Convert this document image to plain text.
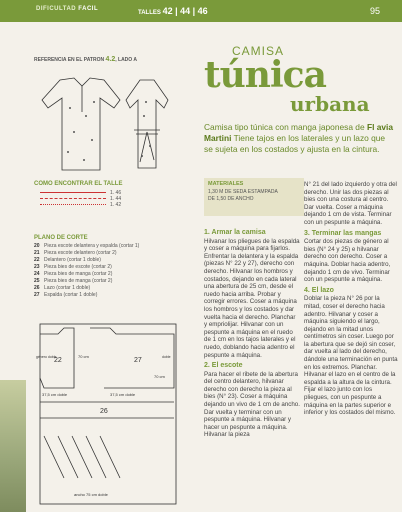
DIFICULTAD FACIL
TALLES 42 | 44 | 46	95
REFERENCIA EN EL PATRON 4.2, LADO A
COMO ENCONTRAR EL TALLE
1. 46
1. 44
1. 42
PLANO DE CORTE
20 Pieza escote delantera y espalda (cortar 1)
21 Pieza escote delantero (cortar 2)
22 Delantero (cortar 1 doble)
23 Pieza bies de escote (cortar 2)
24 Pieza bies de manga (cortar 2)
25 Pieza bies de manga (cortar 2)
26 Lazo (cortar 1 doble)
27 Espalda (cortar 1 doble)
22	27
26
37,5 cm doble	37,5 cm doble
70 cm
70 cm
ancho 75 cm doble
género doble	doble
CAMISA
túnica
urbana
Camisa tipo túnica con manga japonesa de Fl avia Martini Tiene tajos en los laterales y un lazo que se sujeta en los costados y ajusta en la cintura.
MATERIALES
1,30 M DE SEDA ESTAMPADA
DE 1,50 DE ANCHO
1. Armar la camisa

Hilvanar los pliegues de la espalda y coser a máquina para fijarlos. Enfrentar la delantera y la espalda (piezas N° 22 y 27), derecho con derecho. Hilvanar los hombros y costados, dejando en cada lateral una abertura de 25 cm, desde el ruedo hacia arriba. Probar y corregir errores. Coser a máquina los hombros y los costados y dar vuelta hacia el derecho. Planchar y empriolijar. Hilvanar con un pespunte a máquina en el ruedo de 1 cm en los tajos laterales y el ruedo, doblando hacia adentro el pespunte a máquina.

2. El escote

Para hacer el ribete de la abertura del centro delantero, hilvanar derecho con derecho la pieza al bies (N° 23). Coser a máquina dejando un vivo de 1 cm de ancho. Dar vuelta y terminar con un pespunte a máquina. Hilvanar y hacer un pespunte a máquina. Hilvanar la pieza

N° 21 del lado izquierdo y otra del derecho. Unir las dos piezas al bies con una costura al centro. Dar vuelta. Coser a máquina dejando 1 cm de vista. Terminar con un pespunte a máquina.

3. Terminar las mangas

Cortar dos piezas de género al bies (N° 24 y 25) e hilvanar derecho con derecho. Coser a máquina. Doblar hacia adentro, dejando 1 cm de vivo. Terminar con un pespunte a máquina.

4. El lazo

Doblar la pieza N° 26 por la mitad, coser el derecho hacia adentro. Hilvanar y coser a máquina siguiendo el largo, dejando en la mitad unos centímetros sin coser. Luego por la abertura que se dejó sin coser, dar vuelta al lado del derecho, dándole una terminación en punta en los extremos. Planchar. Hilvanar el lazo en el centro de la espalda a la altura de la cintura. Fijar el lazo junto con los pliegues, con un pespunte a máquina en la partes superior e inferior y los costados del mismo.
